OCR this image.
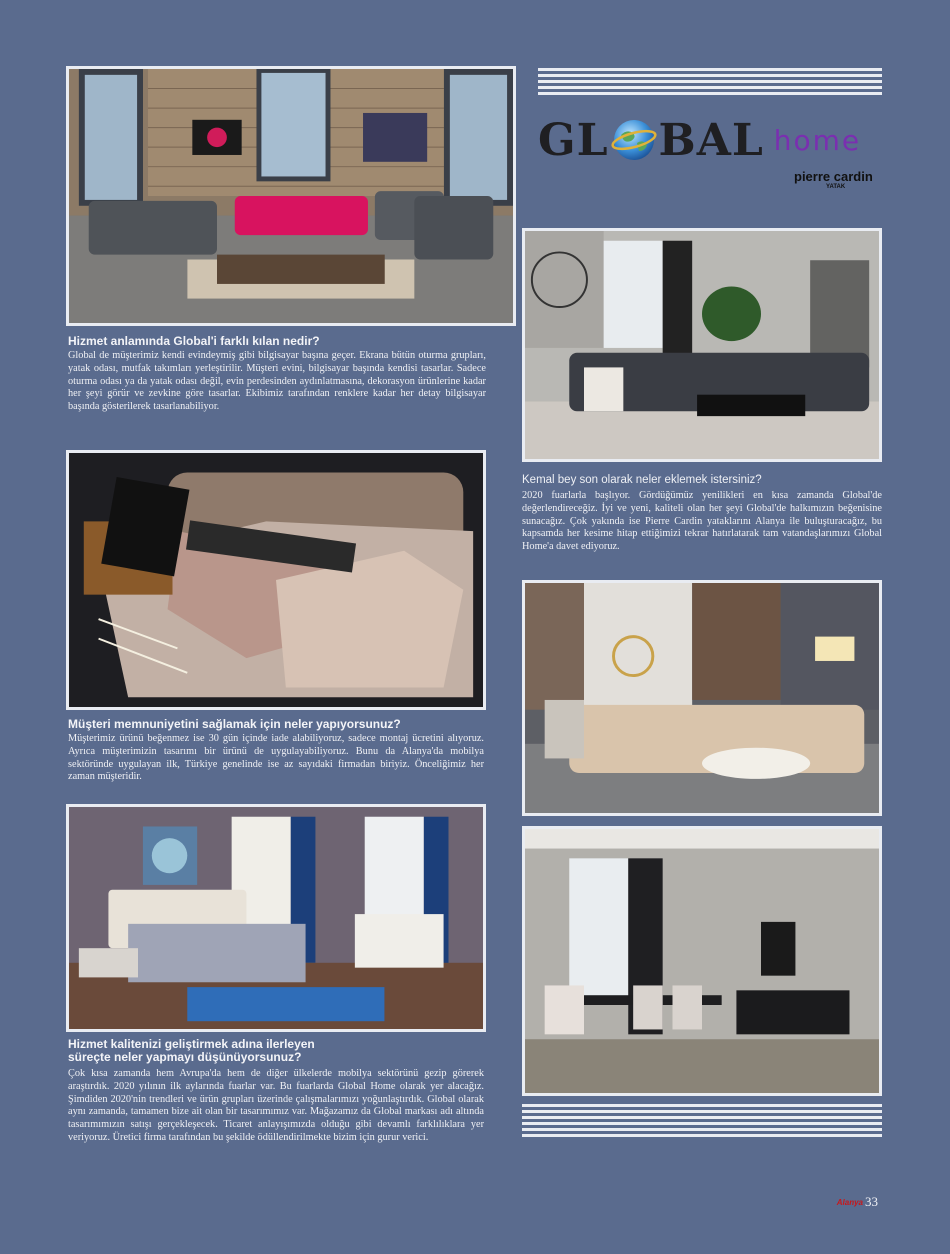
GL BAL home
pierre cardin
YATAK
Hizmet anlamında Global'i farklı kılan nedir?

Global de müşterimiz kendi evindeymiş gibi bilgisayar başına geçer. Ekrana bütün oturma grupları, yatak odası, mutfak takımları yerleştirilir. Müşteri evini, bilgisayar başında kendisi tasarlar. Sadece oturma odası ya da yatak odası değil, evin perdesinden aydınlatmasına, dekorasyon ürünlerine kadar her şeyi görür ve zevkine göre tasarlar. Ekibimiz tarafından renklere kadar her detay bilgisayar başında gösterilerek tasarlanabiliyor.

Kemal bey son olarak neler eklemek istersiniz?

2020 fuarlarla başlıyor. Gördüğümüz yenilikleri en kısa zamanda Global'de değerlendireceğiz. İyi ve yeni, kaliteli olan her şeyi Global'de halkımızın beğenisine sunacağız. Çok yakında ise Pierre Cardin yataklarını Alanya ile buluşturacağız, bu kapsamda her kesime hitap ettiğimizi tekrar hatırlatarak tam vatandaşlarımızı Global Home'a davet ediyoruz.

Müşteri memnuniyetini sağlamak için neler yapıyorsunuz?

Müşterimiz ürünü beğenmez ise 30 gün içinde iade alabiliyoruz, sadece montaj ücretini alıyoruz. Ayrıca müşterimizin tasarımı bir ürünü de uygulayabiliyoruz. Bunu da Alanya'da mobilya sektöründe uygulayan ilk, Türkiye genelinde ise az sayıdaki firmadan biriyiz. Önceliğimiz her zaman müşteridir.

Hizmet kalitenizi geliştirmek adına ilerleyen süreçte neler yapmayı düşünüyorsunuz?

Çok kısa zamanda hem Avrupa'da hem de diğer ülkelerde mobilya sektörünü gezip görerek araştırdık. 2020 yılının ilk aylarında fuarlar var. Bu fuarlarda Global Home olarak yer alacağız. Şimdiden 2020'nin trendleri ve ürün grupları üzerinde çalışmalarımızı yoğunlaştırdık. Global olarak aynı zamanda, tamamen bize ait olan bir tasarımımız var. Mağazamız da Global markası adı altında tasarımımızın satışı gerçekleşecek. Ticaret anlayışımızda olduğu gibi devamlı farklılıklara yer veriyoruz. Üretici firma tarafından bu şekilde ödüllendirilmekte bizim için gurur verici.

Alanya 33
